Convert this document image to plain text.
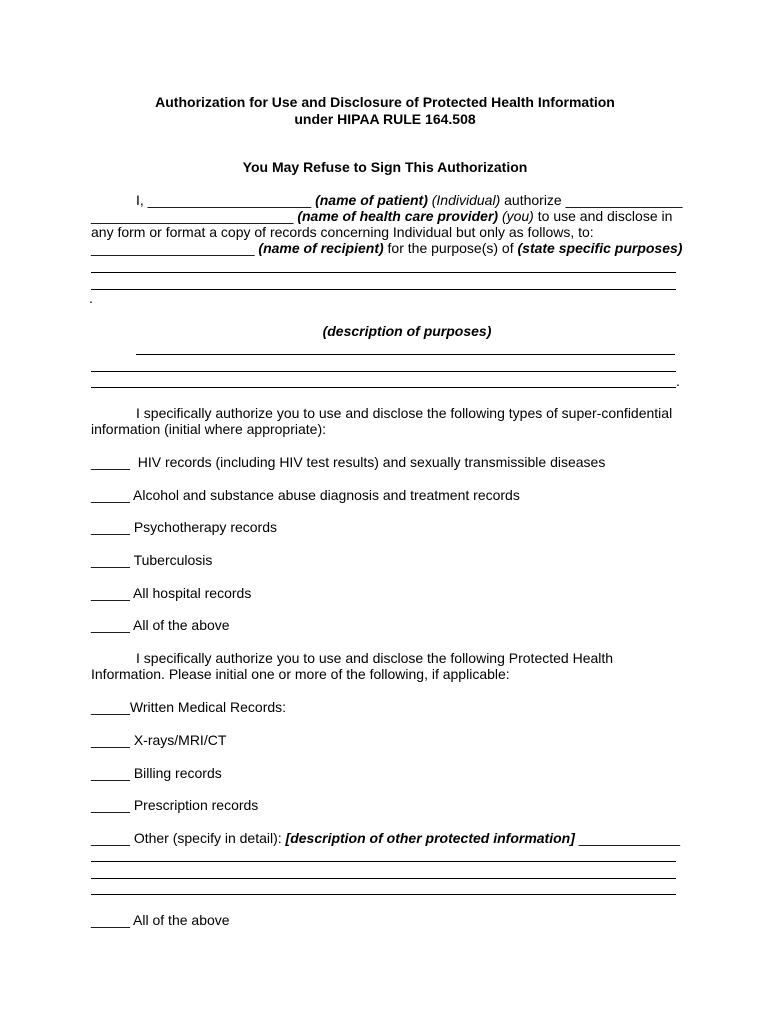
Authorization for Use and Disclosure of Protected Health Information
under HIPAA RULE 164.508
You May Refuse to Sign This Authorization
I, _____________________ (name of patient) (Individual) authorize _______________
__________________________ (name of health care provider) (you) to use and disclose in
any form or format a copy of records concerning Individual but only as follows, to:
_____________________ (name of recipient) for the purpose(s) of (state specific purposes)
.
(description of purposes)
.
I specifically authorize you to use and disclose the following types of super-confidential
information (initial where appropriate):
_____  HIV records (including HIV test results) and sexually transmissible diseases
_____ Alcohol and substance abuse diagnosis and treatment records
_____ Psychotherapy records
_____ Tuberculosis
_____ All hospital records
_____ All of the above
I specifically authorize you to use and disclose the following Protected Health
Information. Please initial one or more of the following, if applicable:
_____Written Medical Records:
_____ X-rays/MRI/CT
_____ Billing records
_____ Prescription records
_____ Other (specify in detail): [description of other protected information] _____________
_____ All of the above
